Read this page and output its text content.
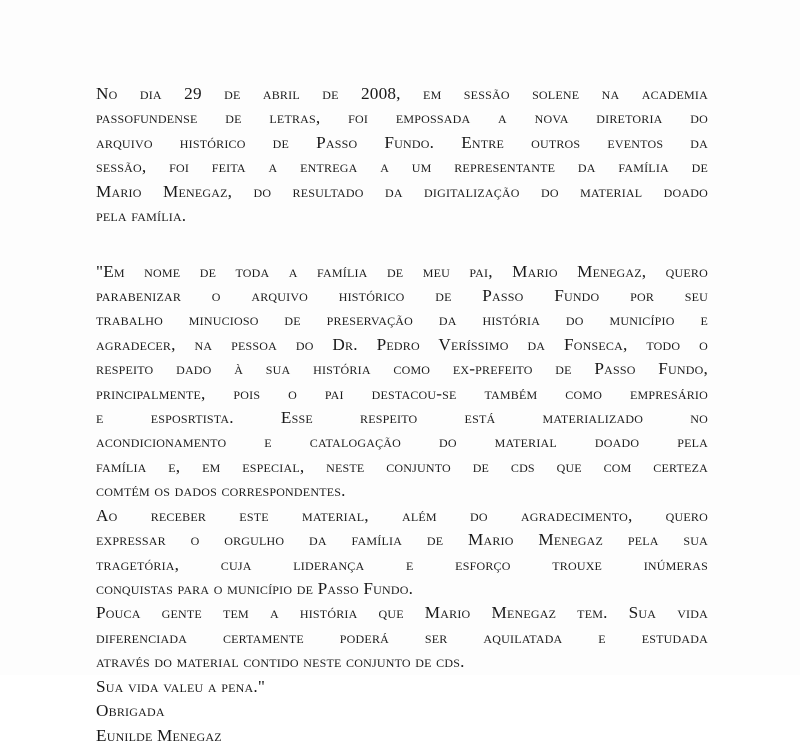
No dia 29 de abril de 2008, em sessão solene na academia
passofundense de letras, foi empossada a nova diretoria do
arquivo histórico de Passo Fundo. Entre outros eventos da
sessão, foi feita a entrega a um representante da família de
Mario Menegaz, do resultado da digitalização do material doado
pela família.
"Em nome de toda a família de meu pai, Mario Menegaz, quero
parabenizar o arquivo histórico de Passo Fundo por seu
trabalho minucioso de preservação da história do município e
agradecer, na pessoa do Dr. Pedro Veríssimo da Fonseca, todo o
respeito dado à sua história como ex-prefeito de Passo Fundo,
principalmente, pois o pai destacou-se também como empresário
e esposrtista. Esse respeito está materializado no
acondicionamento e catalogação do material doado pela
família e, em especial, neste conjunto de cds que com certeza
comtém os dados correspondentes.
Ao receber este material, além do agradecimento, quero
expressar o orgulho da família de Mario Menegaz pela sua
tragetória, cuja liderança e esforço trouxe inúmeras
conquistas para o município de Passo Fundo.
Pouca gente tem a história que Mario Menegaz tem. Sua vida
diferenciada certamente poderá ser aquilatada e estudada
através do material contido neste conjunto de cds.
Sua vida valeu a pena."
Obrigada
Eunilde Menegaz
